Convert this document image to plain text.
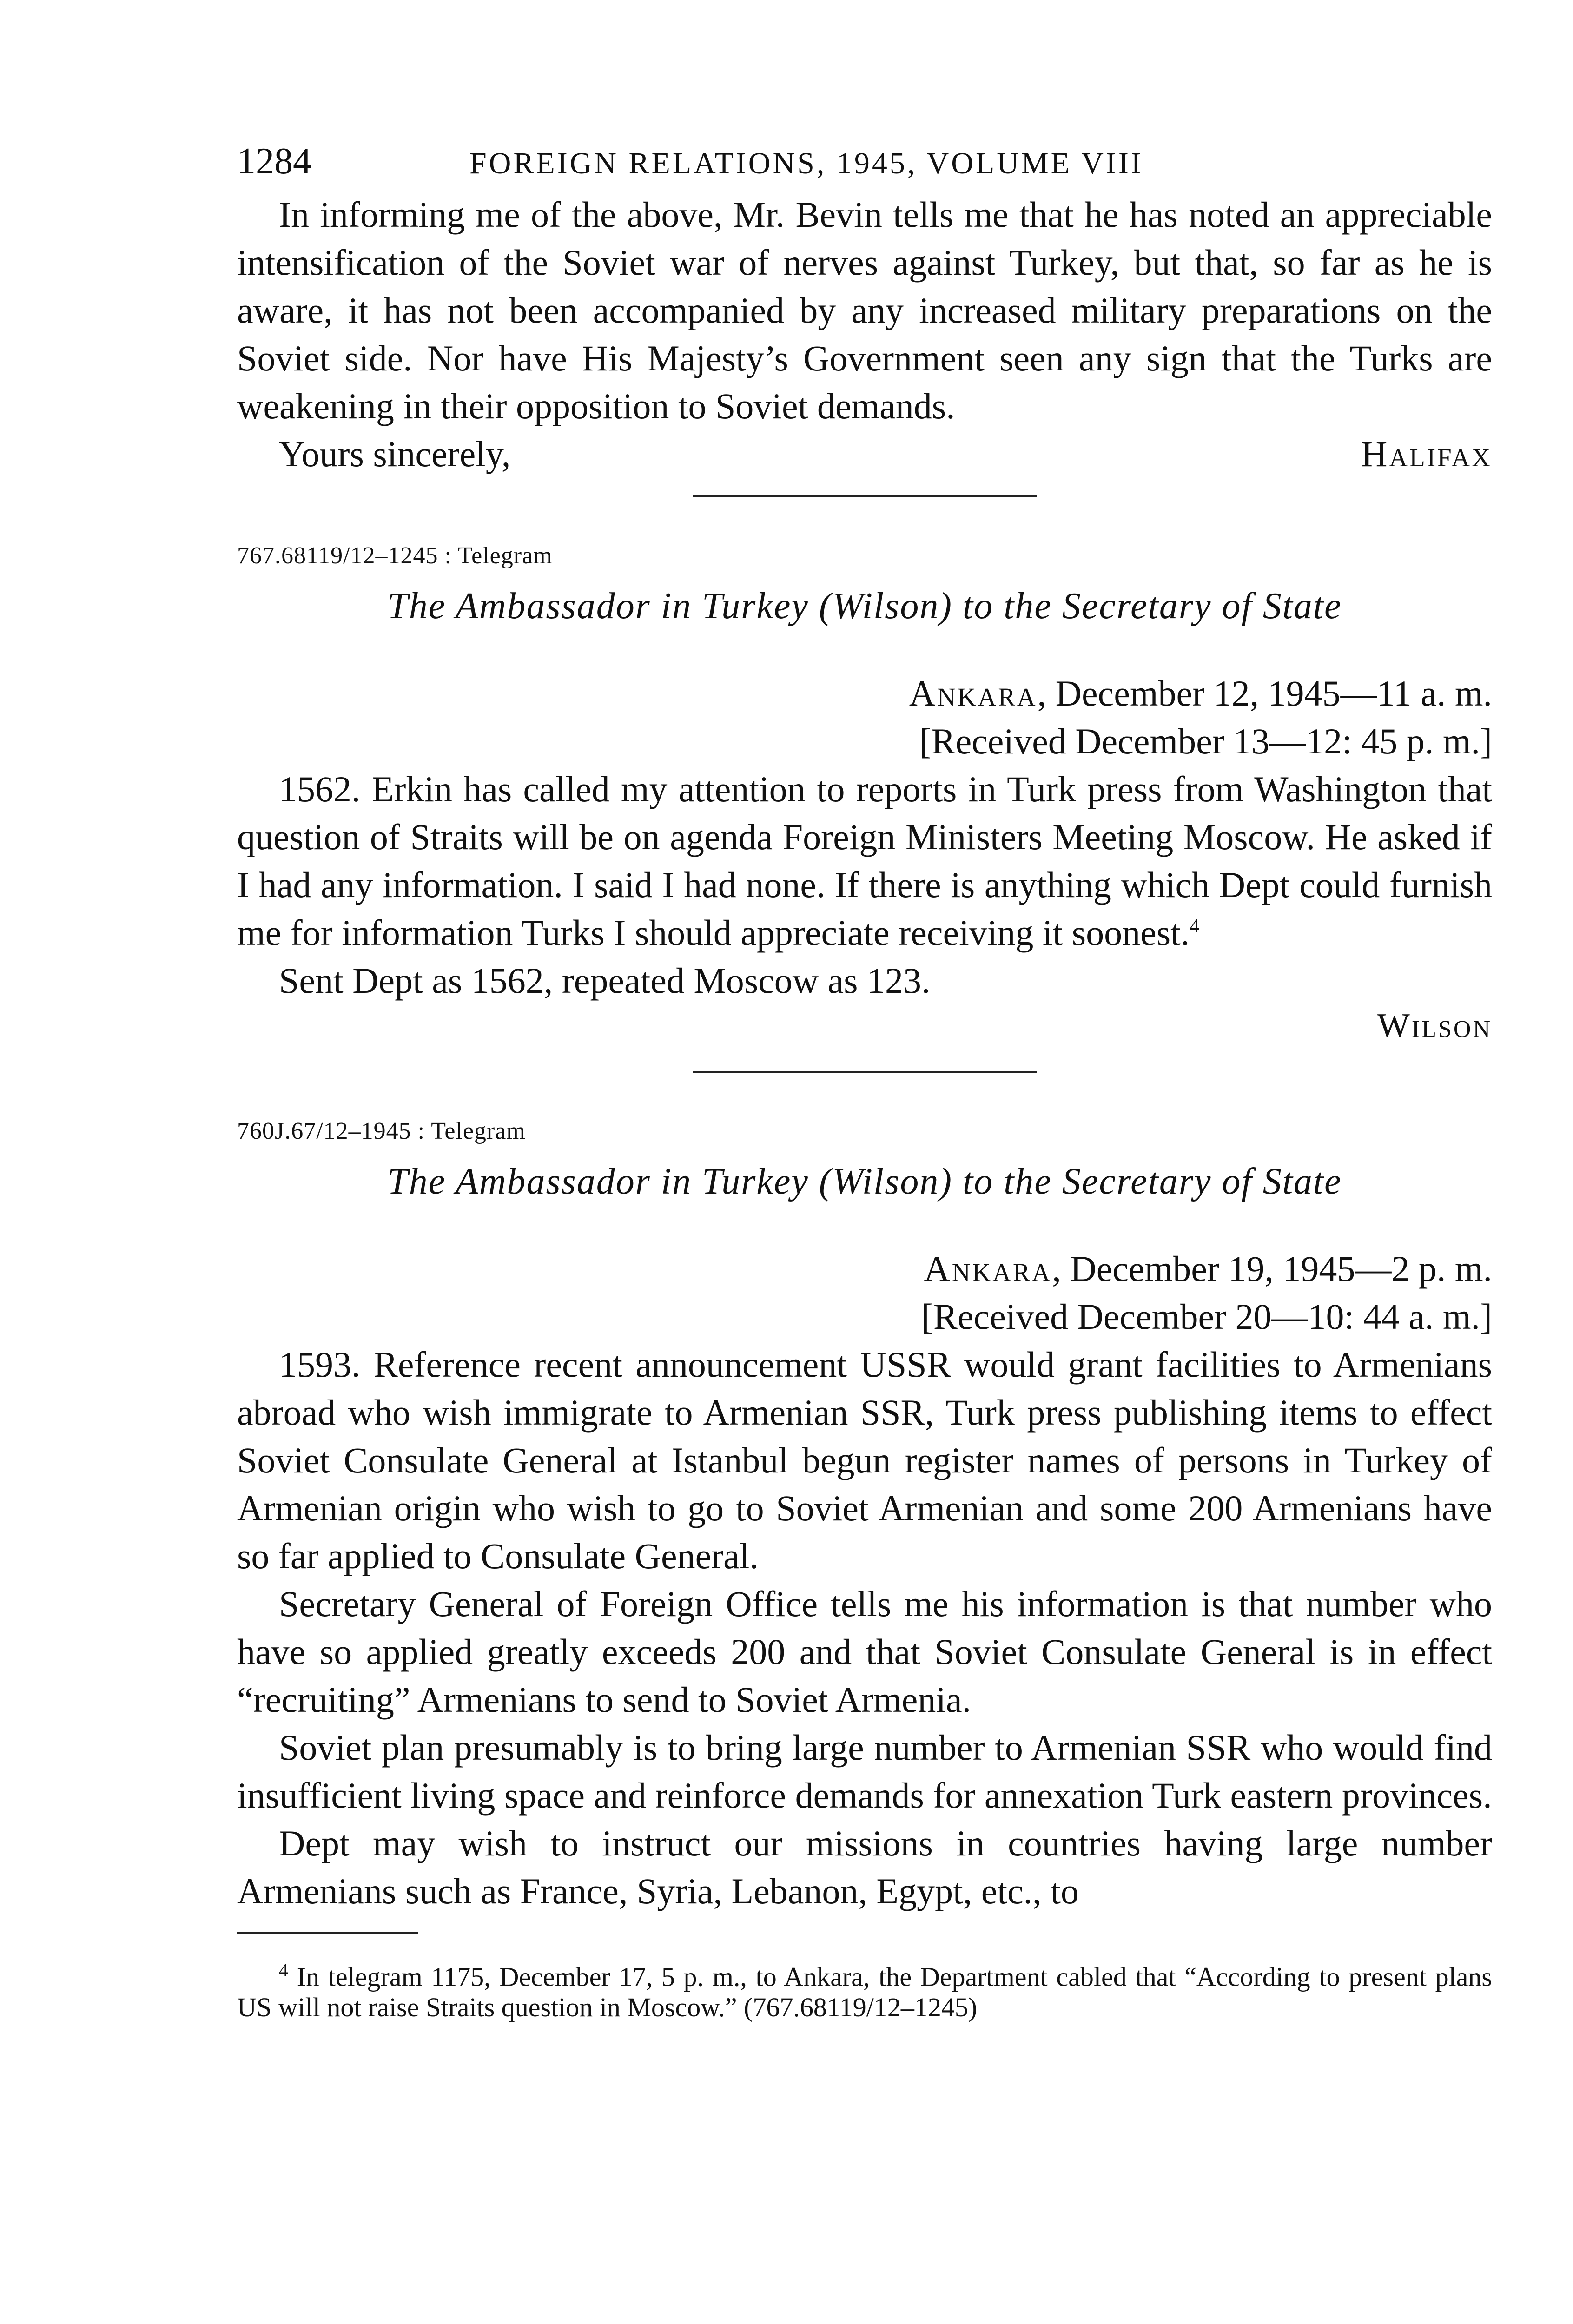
1284	FOREIGN RELATIONS, 1945, VOLUME VIII

In informing me of the above, Mr. Bevin tells me that he has noted an appreciable intensification of the Soviet war of nerves against Turkey, but that, so far as he is aware, it has not been accompanied by any increased military preparations on the Soviet side. Nor have His Majesty’s Government seen any sign that the Turks are weakening in their opposition to Soviet demands.

Yours sincerely,	Halifax

767.68119/12–1245 : Telegram

The Ambassador in Turkey (Wilson) to the Secretary of State

Ankara, December 12, 1945—11 a. m.

[Received December 13—12: 45 p. m.]

1562. Erkin has called my attention to reports in Turk press from Washington that question of Straits will be on agenda Foreign Ministers Meeting Moscow. He asked if I had any information. I said I had none. If there is anything which Dept could furnish me for information Turks I should appreciate receiving it soonest.$^4$

Sent Dept as 1562, repeated Moscow as 123.

Wilson

760J.67/12–1945 : Telegram

The Ambassador in Turkey (Wilson) to the Secretary of State

Ankara, December 19, 1945—2 p. m.

[Received December 20—10: 44 a. m.]

1593. Reference recent announcement USSR would grant facilities to Armenians abroad who wish immigrate to Armenian SSR, Turk press publishing items to effect Soviet Consulate General at Istanbul begun register names of persons in Turkey of Armenian origin who wish to go to Soviet Armenian and some 200 Armenians have so far applied to Consulate General.

Secretary General of Foreign Office tells me his information is that number who have so applied greatly exceeds 200 and that Soviet Consulate General is in effect “recruiting” Armenians to send to Soviet Armenia.

Soviet plan presumably is to bring large number to Armenian SSR who would find insufficient living space and reinforce demands for annexation Turk eastern provinces.

Dept may wish to instruct our missions in countries having large number Armenians such as France, Syria, Lebanon, Egypt, etc., to

$^4$ In telegram 1175, December 17, 5 p. m., to Ankara, the Department cabled that “According to present plans US will not raise Straits question in Moscow.” (767.68119/12–1245)
